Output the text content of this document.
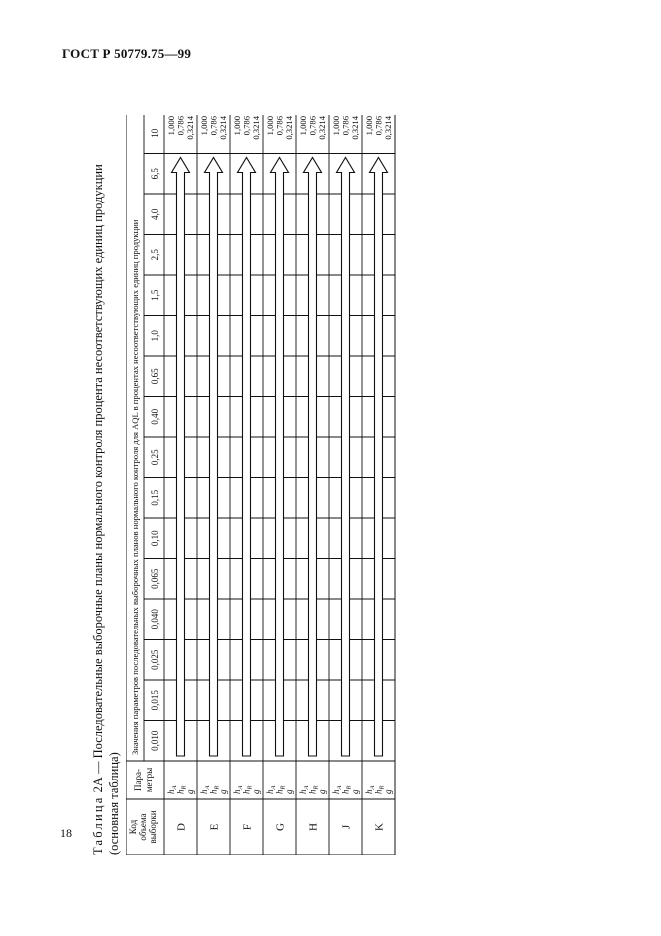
ГОСТ Р 50779.75—99
18 Таблица 2А — Последовательные выборочные планы нормального контроля процента несоответствующих единиц продукции
(основная таблица) Код объема выборки
Пара- метры
Значения параметров последовательных выборочных планов нормального контроля для AQL в процентах несоответствующих единиц продукции 0,010
0,015
0,025
0,040
0,065
0,10
0,15
0,25
0,40
0,65
1,0
1,5
2,5
4,0
6,5
10
D
$h_A$
$h_R$
g
1,000 0,786 0,3214
E
$h_A$
$h_R$
g
1,000 0,786 0,3214
F
$h_A$
$h_R$
g
1,000 0,786 0,3214
G
$h_A$
$h_R$
g
1,000 0,786 0,3214
H
$h_A$
$h_R$
g
1,000 0,786 0,3214
J
$h_A$
$h_R$
g
1,000 0,786 0,3214
K
$h_A$
$h_R$
g
1,000 0,786 0,3214
